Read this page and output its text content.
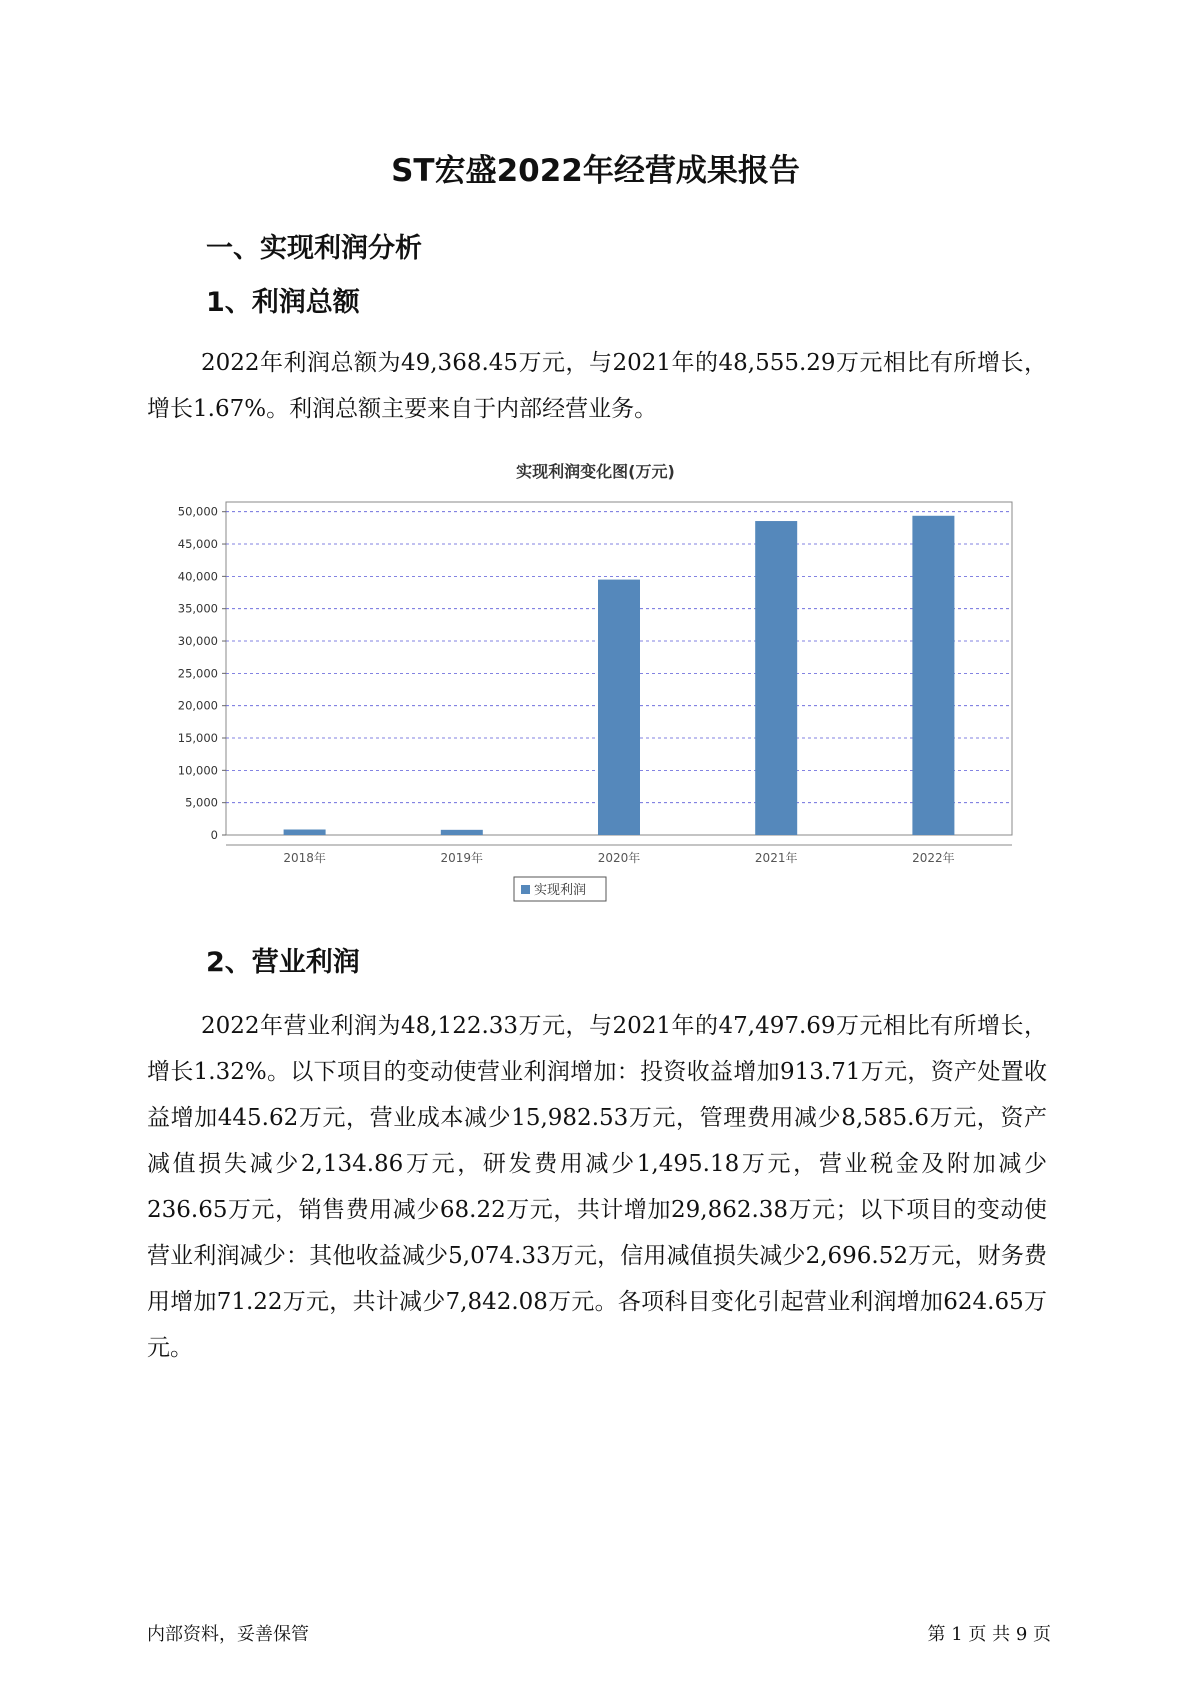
ST宏盛2022年经营成果报告
一、实现利润分析
1、利润总额

2022年利润总额为49,368.45万元，与2021年的48,555.29万元相比有所增长，增长1.67%。利润总额主要来自于内部经营业务。

实现利润变化图(万元)
0
5,000
10,000
15,000
20,000
25,000
30,000
35,000
40,000
45,000
50,000
2018年	2019年	2020年	2021年	2022年
实现利润
2、营业利润

2022年营业利润为48,122.33万元，与2021年的47,497.69万元相比有所增长，增长1.32%。以下项目的变动使营业利润增加：投资收益增加913.71万元，资产处置收益增加445.62万元，营业成本减少15,982.53万元，管理费用减少8,585.6万元，资产减值损失减少2,134.86万元，研发费用减少1,495.18万元，营业税金及附加减少236.65万元，销售费用减少68.22万元，共计增加29,862.38万元；以下项目的变动使营业利润减少：其他收益减少5,074.33万元，信用减值损失减少2,696.52万元，财务费用增加71.22万元，共计减少7,842.08万元。各项科目变化引起营业利润增加624.65万元。

内部资料，妥善保管	第 1 页 共 9 页
